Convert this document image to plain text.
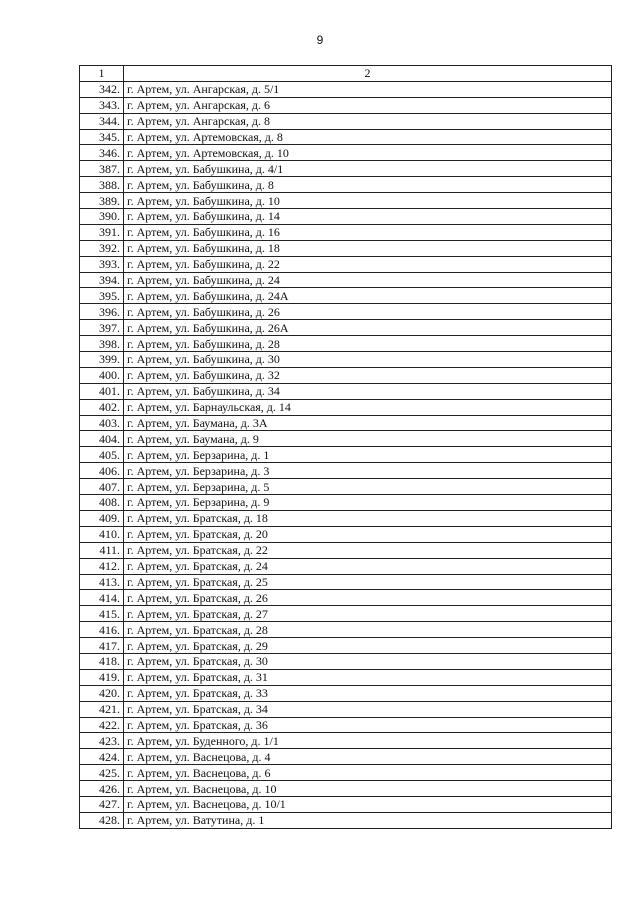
9
1	2
342.	г. Артем, ул. Ангарская, д. 5/1
343.	г. Артем, ул. Ангарская, д. 6
344.	г. Артем, ул. Ангарская, д. 8
345.	г. Артем, ул. Артемовская, д. 8
346.	г. Артем, ул. Артемовская, д. 10
387.	г. Артем, ул. Бабушкина, д. 4/1
388.	г. Артем, ул. Бабушкина, д. 8
389.	г. Артем, ул. Бабушкина, д. 10
390.	г. Артем, ул. Бабушкина, д. 14
391.	г. Артем, ул. Бабушкина, д. 16
392.	г. Артем, ул. Бабушкина, д. 18
393.	г. Артем, ул. Бабушкина, д. 22
394.	г. Артем, ул. Бабушкина, д. 24
395.	г. Артем, ул. Бабушкина, д. 24А
396.	г. Артем, ул. Бабушкина, д. 26
397.	г. Артем, ул. Бабушкина, д. 26А
398.	г. Артем, ул. Бабушкина, д. 28
399.	г. Артем, ул. Бабушкина, д. 30
400.	г. Артем, ул. Бабушкина, д. 32
401.	г. Артем, ул. Бабушкина, д. 34
402.	г. Артем, ул. Барнаульская, д. 14
403.	г. Артем, ул. Баумана, д. 3А
404.	г. Артем, ул. Баумана, д. 9
405.	г. Артем, ул. Берзарина, д. 1
406.	г. Артем, ул. Берзарина, д. 3
407.	г. Артем, ул. Берзарина, д. 5
408.	г. Артем, ул. Берзарина, д. 9
409.	г. Артем, ул. Братская, д. 18
410.	г. Артем, ул. Братская, д. 20
411.	г. Артем, ул. Братская, д. 22
412.	г. Артем, ул. Братская, д. 24
413.	г. Артем, ул. Братская, д. 25
414.	г. Артем, ул. Братская, д. 26
415.	г. Артем, ул. Братская, д. 27
416.	г. Артем, ул. Братская, д. 28
417.	г. Артем, ул. Братская, д. 29
418.	г. Артем, ул. Братская, д. 30
419.	г. Артем, ул. Братская, д. 31
420.	г. Артем, ул. Братская, д. 33
421.	г. Артем, ул. Братская, д. 34
422.	г. Артем, ул. Братская, д. 36
423.	г. Артем, ул. Буденного, д. 1/1
424.	г. Артем, ул. Васнецова, д. 4
425.	г. Артем, ул. Васнецова, д. 6
426.	г. Артем, ул. Васнецова, д. 10
427.	г. Артем, ул. Васнецова, д. 10/1
428.	г. Артем, ул. Ватутина, д. 1
